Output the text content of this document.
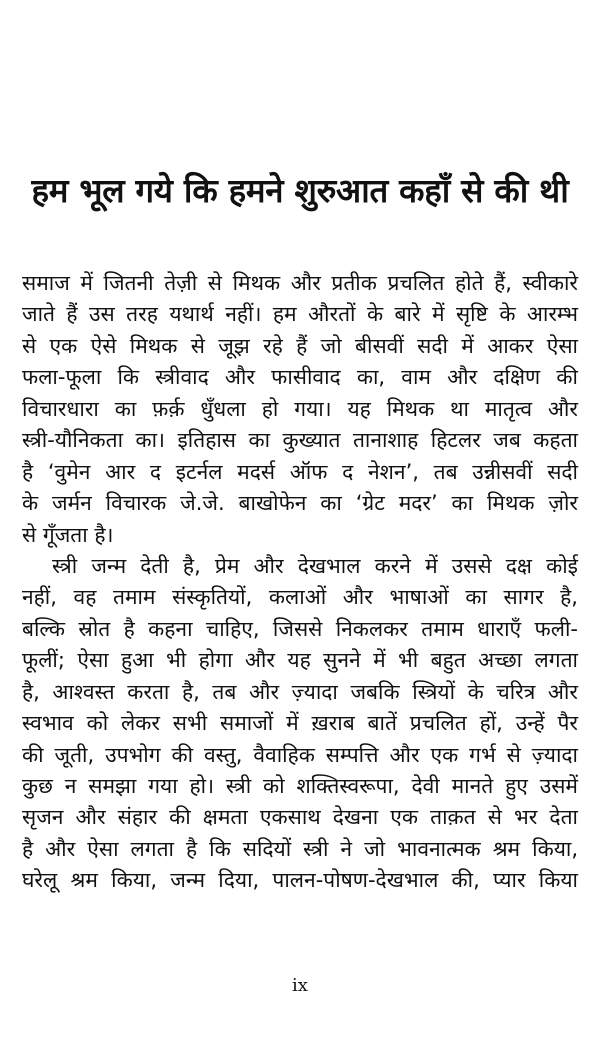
हम भूल गये कि हमने शुरुआत कहाँ से की थी
समाज में जितनी तेज़ी से मिथक और प्रतीक प्रचलित होते हैं, स्वीकारे
जाते हैं उस तरह यथार्थ नहीं। हम औरतों के बारे में सृष्टि के आरम्भ
से एक ऐसे मिथक से जूझ रहे हैं जो बीसवीं सदी में आकर ऐसा
फला-फूला कि स्त्रीवाद और फासीवाद का, वाम और दक्षिण की
विचारधारा का फ़र्क़ धुँधला हो गया। यह मिथक था मातृत्व और
स्त्री-यौनिकता का। इतिहास का कुख्यात तानाशाह हिटलर जब कहता
है ‘वुमेन आर द इटर्नल मदर्स ऑफ द नेशन’, तब उन्नीसवीं सदी
के जर्मन विचारक जे.जे. बाखोफेन का ‘ग्रेट मदर’ का मिथक ज़ोर
से गूँजता है।
स्त्री जन्म देती है, प्रेम और देखभाल करने में उससे दक्ष कोई
नहीं, वह तमाम संस्कृतियों, कलाओं और भाषाओं का सागर है,
बल्कि स्रोत है कहना चाहिए, जिससे निकलकर तमाम धाराएँ फली-
फूलीं; ऐसा हुआ भी होगा और यह सुनने में भी बहुत अच्छा लगता
है, आश्वस्त करता है, तब और ज़्यादा जबकि स्त्रियों के चरित्र और
स्वभाव को लेकर सभी समाजों में ख़राब बातें प्रचलित हों, उन्हें पैर
की जूती, उपभोग की वस्तु, वैवाहिक सम्पत्ति और एक गर्भ से ज़्यादा
कुछ न समझा गया हो। स्त्री को शक्तिस्वरूपा, देवी मानते हुए उसमें
सृजन और संहार की क्षमता एकसाथ देखना एक ताक़त से भर देता
है और ऐसा लगता है कि सदियों स्त्री ने जो भावनात्मक श्रम किया,
घरेलू श्रम किया, जन्म दिया, पालन-पोषण-देखभाल की, प्यार किया
ix
